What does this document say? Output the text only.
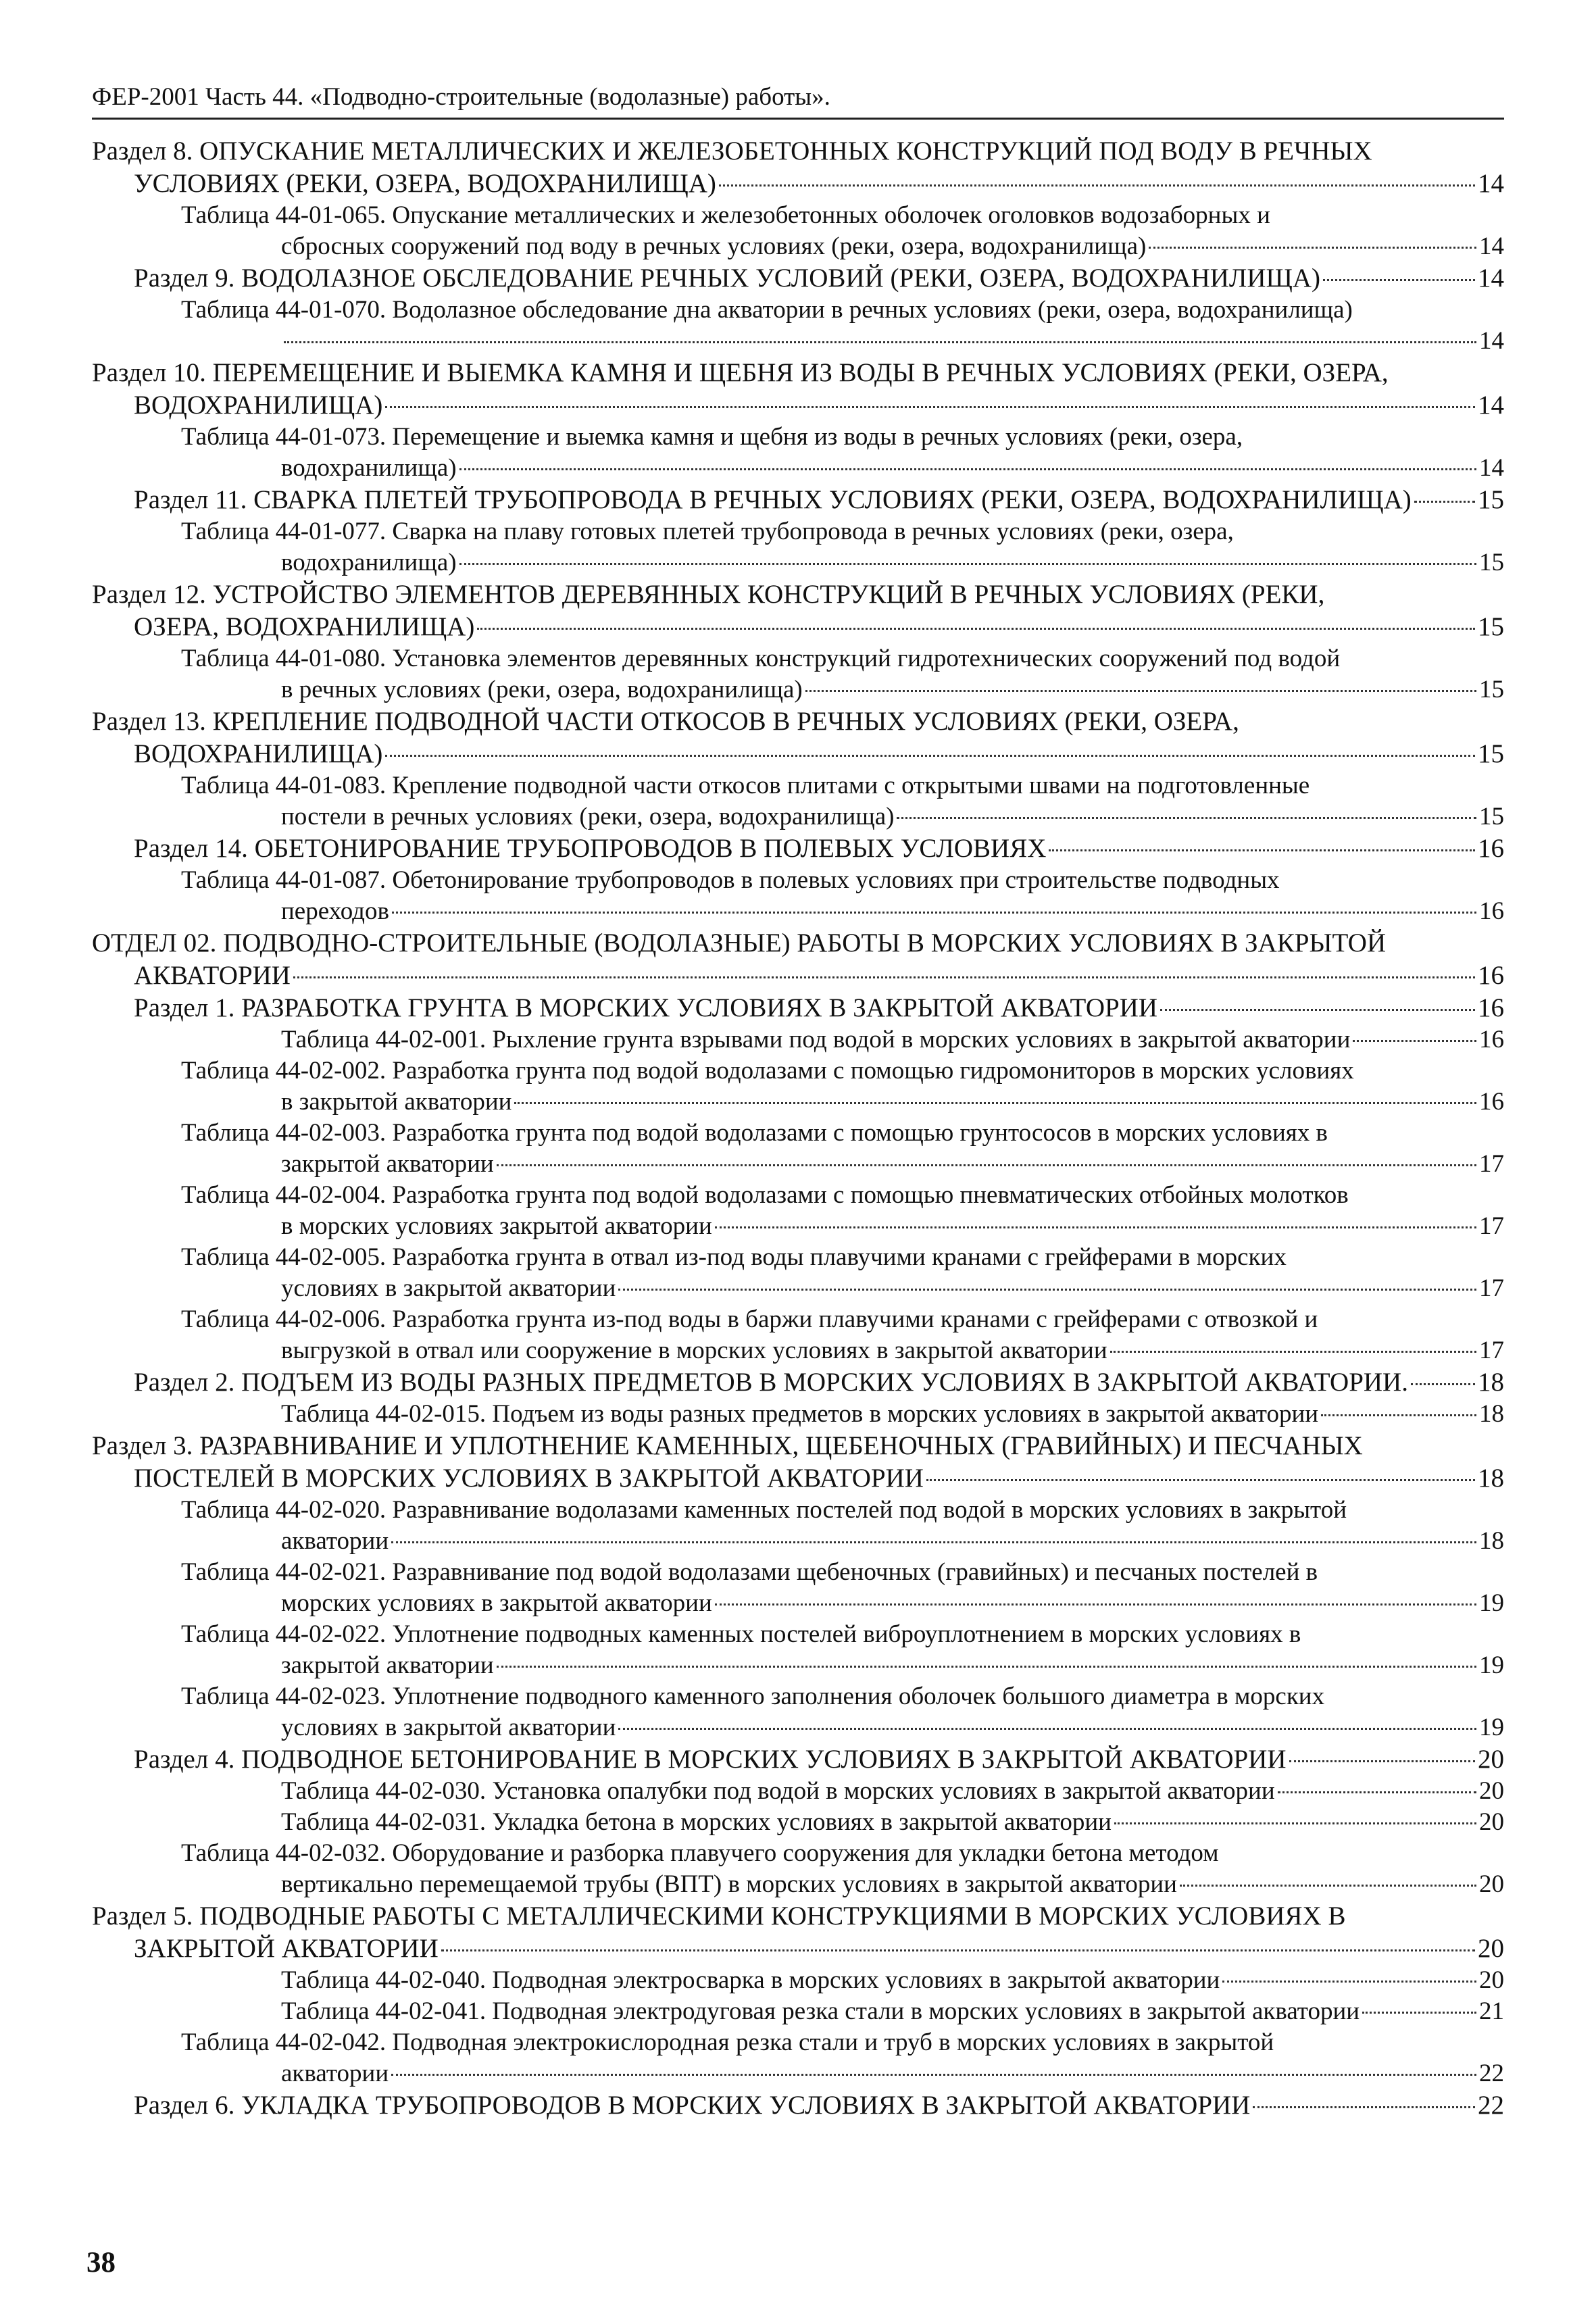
ФЕР-2001 Часть 44. «Подводно-строительные (водолазные) работы».
Раздел 8. ОПУСКАНИЕ МЕТАЛЛИЧЕСКИХ И ЖЕЛЕЗОБЕТОННЫХ КОНСТРУКЦИЙ ПОД ВОДУ В РЕЧНЫХ
УСЛОВИЯХ (РЕКИ, ОЗЕРА, ВОДОХРАНИЛИЩА)	14
Таблица 44-01-065. Опускание металлических и железобетонных оболочек оголовков водозаборных и
сбросных сооружений под воду в речных условиях (реки, озера, водохранилища)	14
Раздел 9. ВОДОЛАЗНОЕ ОБСЛЕДОВАНИЕ РЕЧНЫХ УСЛОВИЙ (РЕКИ, ОЗЕРА, ВОДОХРАНИЛИЩА)	14
Таблица 44-01-070. Водолазное обследование дна акватории в речных условиях (реки, озера, водохранилища)
14
Раздел 10. ПЕРЕМЕЩЕНИЕ И ВЫЕМКА КАМНЯ И ЩЕБНЯ ИЗ ВОДЫ В РЕЧНЫХ УСЛОВИЯХ (РЕКИ, ОЗЕРА,
ВОДОХРАНИЛИЩА)	14
Таблица 44-01-073. Перемещение и выемка камня и щебня из воды в речных условиях (реки, озера,
водохранилища)	14
Раздел 11. СВАРКА ПЛЕТЕЙ ТРУБОПРОВОДА В РЕЧНЫХ УСЛОВИЯХ (РЕКИ, ОЗЕРА, ВОДОХРАНИЛИЩА)	15
Таблица 44-01-077. Сварка на плаву готовых плетей трубопровода в речных условиях (реки, озера,
водохранилища)	15
Раздел 12. УСТРОЙСТВО ЭЛЕМЕНТОВ ДЕРЕВЯННЫХ КОНСТРУКЦИЙ В РЕЧНЫХ УСЛОВИЯХ (РЕКИ,
ОЗЕРА, ВОДОХРАНИЛИЩА)	15
Таблица 44-01-080. Установка элементов деревянных конструкций гидротехнических сооружений под водой
в речных условиях (реки, озера, водохранилища)	15
Раздел 13. КРЕПЛЕНИЕ ПОДВОДНОЙ ЧАСТИ ОТКОСОВ В РЕЧНЫХ УСЛОВИЯХ (РЕКИ, ОЗЕРА,
ВОДОХРАНИЛИЩА)	15
Таблица 44-01-083. Крепление подводной части откосов плитами с открытыми швами на подготовленные
постели в речных условиях (реки, озера, водохранилища)	15
Раздел 14. ОБЕТОНИРОВАНИЕ ТРУБОПРОВОДОВ В ПОЛЕВЫХ УСЛОВИЯХ	16
Таблица 44-01-087. Обетонирование трубопроводов в полевых условиях при строительстве подводных
переходов	16
ОТДЕЛ 02. ПОДВОДНО-СТРОИТЕЛЬНЫЕ (ВОДОЛАЗНЫЕ) РАБОТЫ В МОРСКИХ УСЛОВИЯХ В ЗАКРЫТОЙ
АКВАТОРИИ	16
Раздел 1. РАЗРАБОТКА ГРУНТА В МОРСКИХ УСЛОВИЯХ В ЗАКРЫТОЙ АКВАТОРИИ	16
Таблица 44-02-001. Рыхление грунта взрывами под водой в морских условиях в закрытой акватории	16
Таблица 44-02-002. Разработка грунта под водой водолазами с помощью гидромониторов в морских условиях
в закрытой акватории	16
Таблица 44-02-003. Разработка грунта под водой водолазами с помощью грунтососов в морских условиях в
закрытой акватории	17
Таблица 44-02-004. Разработка грунта под водой водолазами с помощью пневматических отбойных молотков
в морских условиях закрытой акватории	17
Таблица 44-02-005. Разработка грунта в отвал из-под воды плавучими кранами с грейферами в морских
условиях в закрытой акватории	17
Таблица 44-02-006. Разработка грунта из-под воды в баржи плавучими кранами с грейферами с отвозкой и
выгрузкой в отвал или сооружение в морских условиях в закрытой акватории	17
Раздел 2. ПОДЪЕМ ИЗ ВОДЫ РАЗНЫХ ПРЕДМЕТОВ В МОРСКИХ УСЛОВИЯХ В ЗАКРЫТОЙ АКВАТОРИИ.	18
Таблица 44-02-015. Подъем из воды разных предметов в морских условиях в закрытой акватории	18
Раздел 3. РАЗРАВНИВАНИЕ И УПЛОТНЕНИЕ КАМЕННЫХ, ЩЕБЕНОЧНЫХ (ГРАВИЙНЫХ) И ПЕСЧАНЫХ
ПОСТЕЛЕЙ В МОРСКИХ УСЛОВИЯХ В ЗАКРЫТОЙ АКВАТОРИИ	18
Таблица 44-02-020. Разравнивание водолазами каменных постелей под водой в морских условиях в закрытой
акватории	18
Таблица 44-02-021. Разравнивание под водой водолазами щебеночных (гравийных) и песчаных постелей в
морских условиях в закрытой акватории	19
Таблица 44-02-022. Уплотнение подводных каменных постелей виброуплотнением в морских условиях в
закрытой акватории	19
Таблица 44-02-023. Уплотнение подводного каменного заполнения оболочек большого диаметра в морских
условиях в закрытой акватории	19
Раздел 4. ПОДВОДНОЕ БЕТОНИРОВАНИЕ В МОРСКИХ УСЛОВИЯХ В ЗАКРЫТОЙ АКВАТОРИИ	20
Таблица 44-02-030. Установка опалубки под водой в морских условиях в закрытой акватории	20
Таблица 44-02-031. Укладка бетона в морских условиях в закрытой акватории	20
Таблица 44-02-032. Оборудование и разборка плавучего сооружения для укладки бетона методом
вертикально перемещаемой трубы (ВПТ) в морских условиях в закрытой акватории	20
Раздел 5. ПОДВОДНЫЕ РАБОТЫ С МЕТАЛЛИЧЕСКИМИ КОНСТРУКЦИЯМИ В МОРСКИХ УСЛОВИЯХ В
ЗАКРЫТОЙ АКВАТОРИИ	20
Таблица 44-02-040. Подводная электросварка в морских условиях в закрытой акватории	20
Таблица 44-02-041. Подводная электродуговая резка стали в морских условиях в закрытой акватории	21
Таблица 44-02-042. Подводная электрокислородная резка стали и труб в морских условиях в закрытой
акватории	22
Раздел 6. УКЛАДКА ТРУБОПРОВОДОВ В МОРСКИХ УСЛОВИЯХ В ЗАКРЫТОЙ АКВАТОРИИ	22
38
